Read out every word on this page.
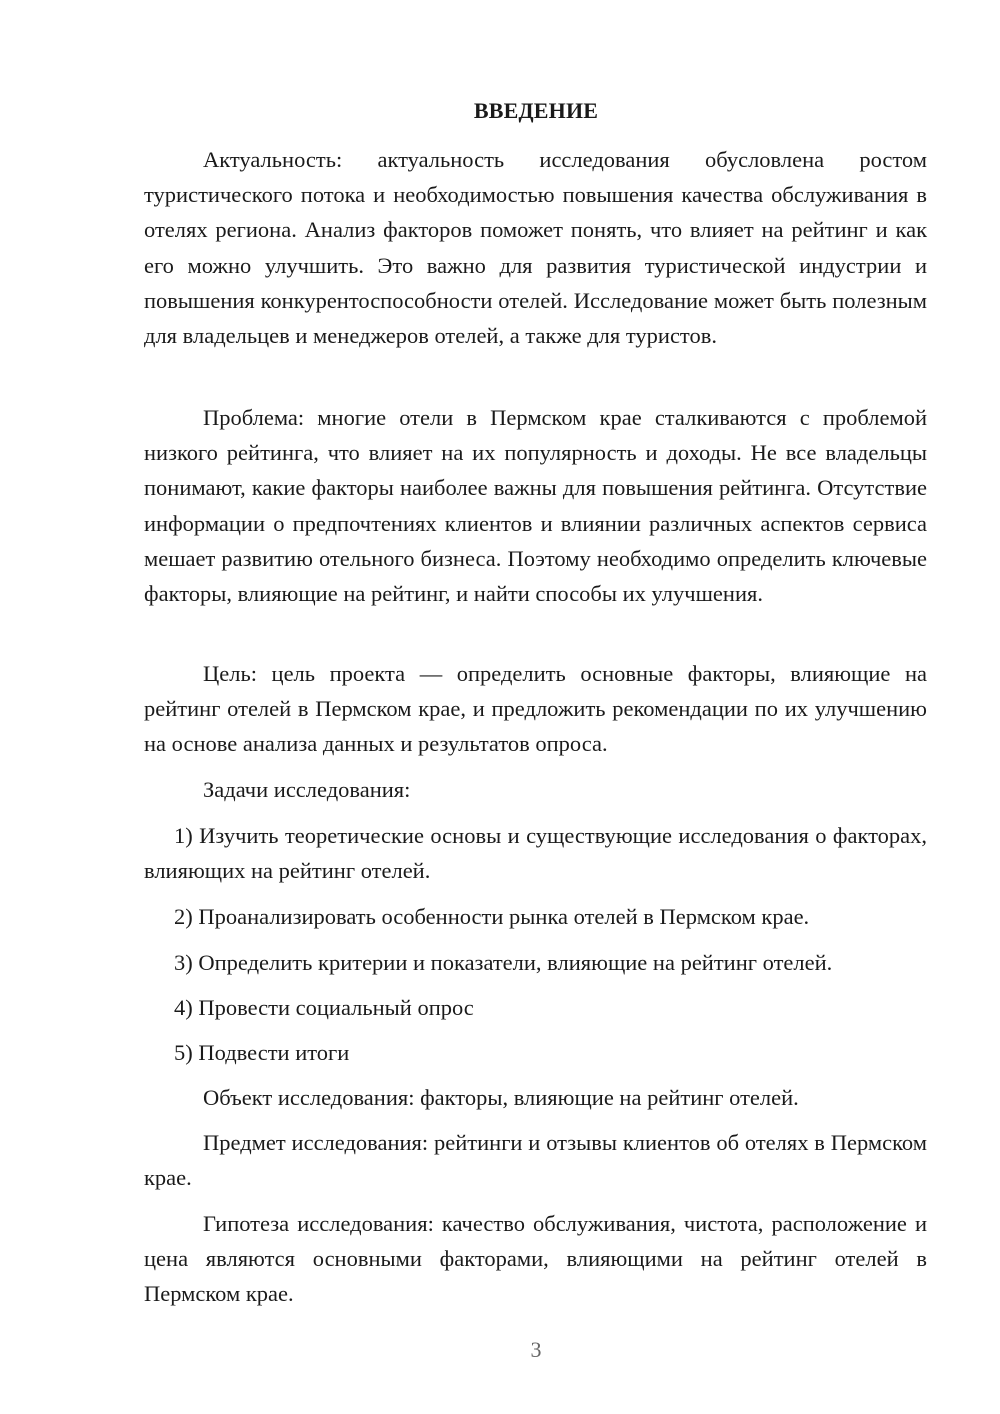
ВВЕДЕНИЕ

Актуальность: актуальность исследования обусловлена ростом туристического потока и необходимостью повышения качества обслуживания в отелях региона. Анализ факторов поможет понять, что влияет на рейтинг и как его можно улучшить. Это важно для развития туристической индустрии и повышения конкурентоспособности отелей. Исследование может быть полезным для владельцев и менеджеров отелей, а также для туристов.

Проблема: многие отели в Пермском крае сталкиваются с проблемой низкого рейтинга, что влияет на их популярность и доходы. Не все владельцы понимают, какие факторы наиболее важны для повышения рейтинга. Отсутствие информации о предпочтениях клиентов и влиянии различных аспектов сервиса мешает развитию отельного бизнеса. Поэтому необходимо определить ключевые факторы, влияющие на рейтинг, и найти способы их улучшения.

Цель: цель проекта — определить основные факторы, влияющие на рейтинг отелей в Пермском крае, и предложить рекомендации по их улучшению на основе анализа данных и результатов опроса.

Задачи исследования:

1) Изучить теоретические основы и существующие исследования о факторах, влияющих на рейтинг отелей.

2) Проанализировать особенности рынка отелей в Пермском крае.

3) Определить критерии и показатели, влияющие на рейтинг отелей.

4) Провести социальный опрос

5) Подвести итоги

Объект исследования: факторы, влияющие на рейтинг отелей.

Предмет исследования: рейтинги и отзывы клиентов об отелях в Пермском крае.

Гипотеза исследования: качество обслуживания, чистота, расположение и цена являются основными факторами, влияющими на рейтинг отелей в Пермском крае.

3
